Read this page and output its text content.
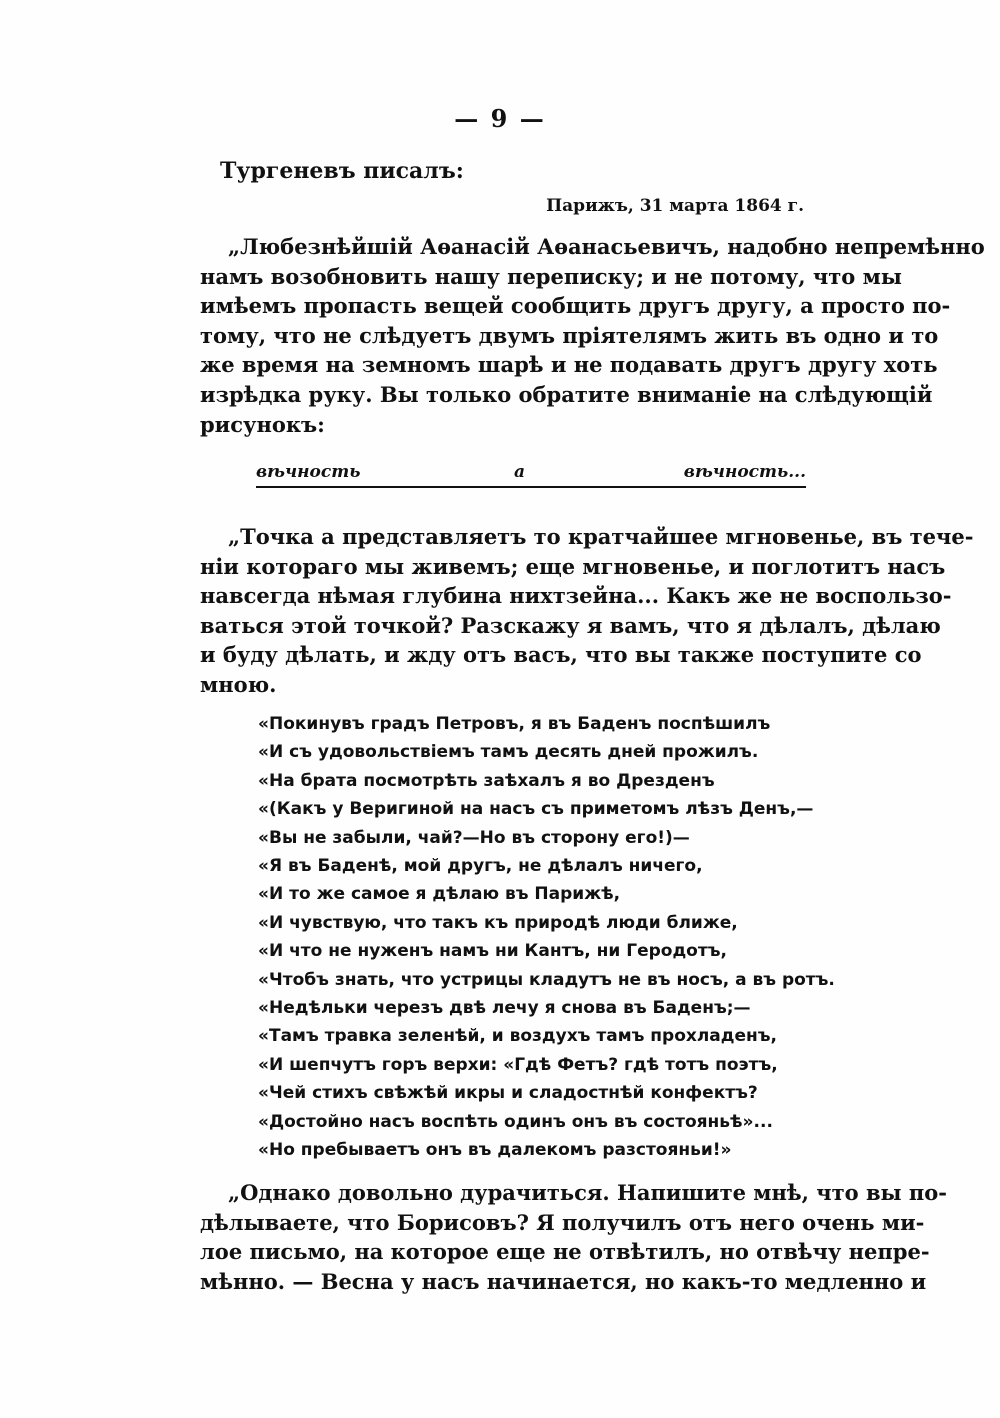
— 9 —
Тургеневъ писалъ:
Парижъ, 31 марта 1864 г.
„Любезнѣйшій Аѳанасій Аѳанасьевичъ, надобно непремѣнно
намъ возобновить нашу переписку; и не потому, что мы
имѣемъ пропасть вещей сообщить другъ другу, а просто по-
тому, что не слѣдуетъ двумъ пріятелямъ жить въ одно и то
же время на земномъ шарѣ и не подавать другъ другу хоть
изрѣдка руку. Вы только обратите вниманіе на слѣдующій
рисунокъ:
вѣчность	а	вѣчность...
„Точка а представляетъ то кратчайшее мгновенье, въ тече-
ніи котораго мы живемъ; еще мгновенье, и поглотитъ насъ
навсегда нѣмая глубина нихтзейна... Какъ же не воспользо-
ваться этой точкой? Разскажу я вамъ, что я дѣлалъ, дѣлаю
и буду дѣлать, и жду отъ васъ, что вы также поступите со
мною.
«Покинувъ градъ Петровъ, я въ Баденъ поспѣшилъ
«И съ удовольствіемъ тамъ десять дней прожилъ.
«На брата посмотрѣть заѣхалъ я во Дрезденъ
«(Какъ у Веригиной на насъ съ приметомъ лѣзъ Денъ,—
«Вы не забыли, чай?—Но въ сторону его!)—
«Я въ Баденѣ, мой другъ, не дѣлалъ ничего,
«И то же самое я дѣлаю въ Парижѣ,
«И чувствую, что такъ къ природѣ люди ближе,
«И что не нуженъ намъ ни Кантъ, ни Геродотъ,
«Чтобъ знать, что устрицы кладутъ не въ носъ, а въ ротъ.
«Недѣльки черезъ двѣ лечу я снова въ Баденъ;—
«Тамъ травка зеленѣй, и воздухъ тамъ прохладенъ,
«И шепчутъ горъ верхи: «Гдѣ Фетъ? гдѣ тотъ поэтъ,
«Чей стихъ свѣжѣй икры и сладостнѣй конфектъ?
«Достойно насъ воспѣть одинъ онъ въ состояньѣ»...
«Но пребываетъ онъ въ далекомъ разстояньи!»
„Однако довольно дурачиться. Напишите мнѣ, что вы по-
дѣлываете, что Борисовъ? Я получилъ отъ него очень ми-
лое письмо, на которое еще не отвѣтилъ, но отвѣчу непре-
мѣнно. — Весна у насъ начинается, но какъ-то медленно и
